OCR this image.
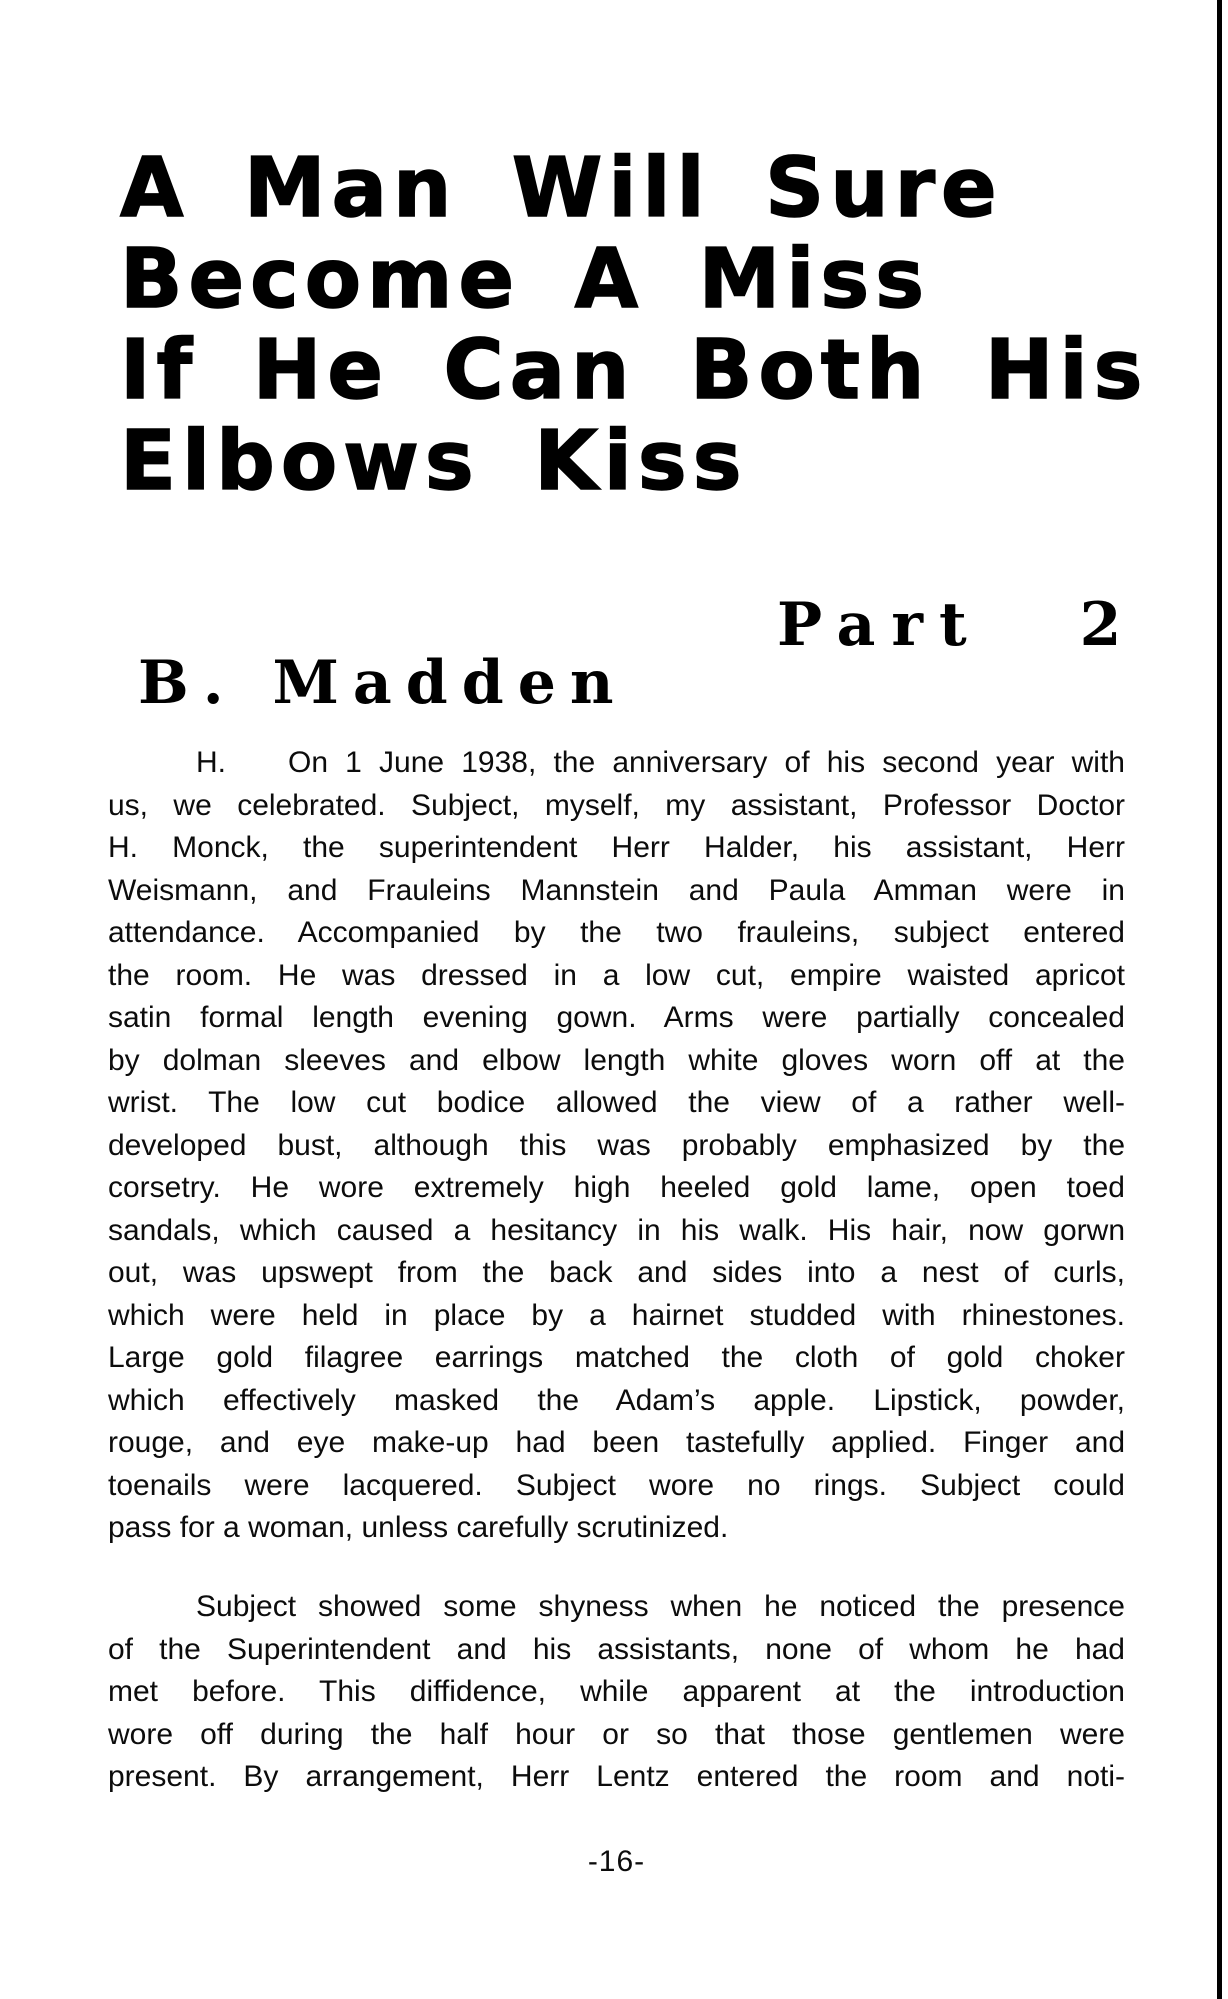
A Man Will Sure
Become A Miss
If He Can Both His
Elbows Kiss
Part 2
B. Madden
H. On 1 June 1938, the anniversary of his second year with
us, we celebrated. Subject, myself, my assistant, Professor Doctor
H. Monck, the superintendent Herr Halder, his assistant, Herr
Weismann, and Frauleins Mannstein and Paula Amman were in
attendance. Accompanied by the two frauleins, subject entered
the room. He was dressed in a low cut, empire waisted apricot
satin formal length evening gown. Arms were partially concealed
by dolman sleeves and elbow length white gloves worn off at the
wrist. The low cut bodice allowed the view of a rather well-
developed bust, although this was probably emphasized by the
corsetry. He wore extremely high heeled gold lame, open toed
sandals, which caused a hesitancy in his walk. His hair, now gorwn
out, was upswept from the back and sides into a nest of curls,
which were held in place by a hairnet studded with rhinestones.
Large gold filagree earrings matched the cloth of gold choker
which effectively masked the Adam’s apple. Lipstick, powder,
rouge, and eye make-up had been tastefully applied. Finger and
toenails were lacquered. Subject wore no rings. Subject could
pass for a woman, unless carefully scrutinized.
Subject showed some shyness when he noticed the presence
of the Superintendent and his assistants, none of whom he had
met before. This diffidence, while apparent at the introduction
wore off during the half hour or so that those gentlemen were
present. By arrangement, Herr Lentz entered the room and noti-
-16-
